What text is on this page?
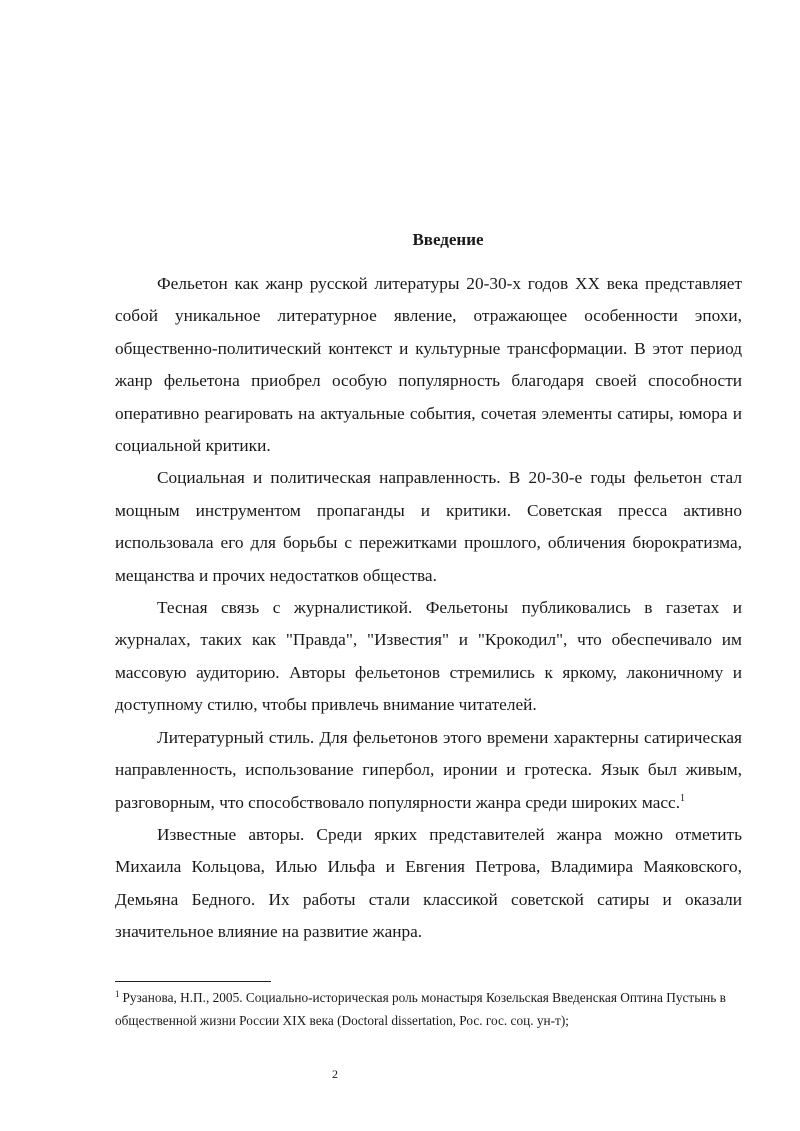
Введение

Фельетон как жанр русской литературы 20-30-х годов XX века представляет собой уникальное литературное явление, отражающее особенности эпохи, общественно-политический контекст и культурные трансформации. В этот период жанр фельетона приобрел особую популярность благодаря своей способности оперативно реагировать на актуальные события, сочетая элементы сатиры, юмора и социальной критики.

Социальная и политическая направленность. В 20-30-е годы фельетон стал мощным инструментом пропаганды и критики. Советская пресса активно использовала его для борьбы с пережитками прошлого, обличения бюрократизма, мещанства и прочих недостатков общества.

Тесная связь с журналистикой. Фельетоны публиковались в газетах и журналах, таких как "Правда", "Известия" и "Крокодил", что обеспечивало им массовую аудиторию. Авторы фельетонов стремились к яркому, лаконичному и доступному стилю, чтобы привлечь внимание читателей.

Литературный стиль. Для фельетонов этого времени характерны сатирическая направленность, использование гипербол, иронии и гротеска. Язык был живым, разговорным, что способствовало популярности жанра среди широких масс.$^1$

Известные авторы. Среди ярких представителей жанра можно отметить Михаила Кольцова, Илью Ильфа и Евгения Петрова, Владимира Маяковского, Демьяна Бедного. Их работы стали классикой советской сатиры и оказали значительное влияние на развитие жанра.

$^1$ Рузанова, Н.П., 2005. Социально-историческая роль монастыря Козельская Введенская Оптина Пустынь в общественной жизни России XIX века (Doctoral dissertation, Рос. гос. соц. ун-т);
2
